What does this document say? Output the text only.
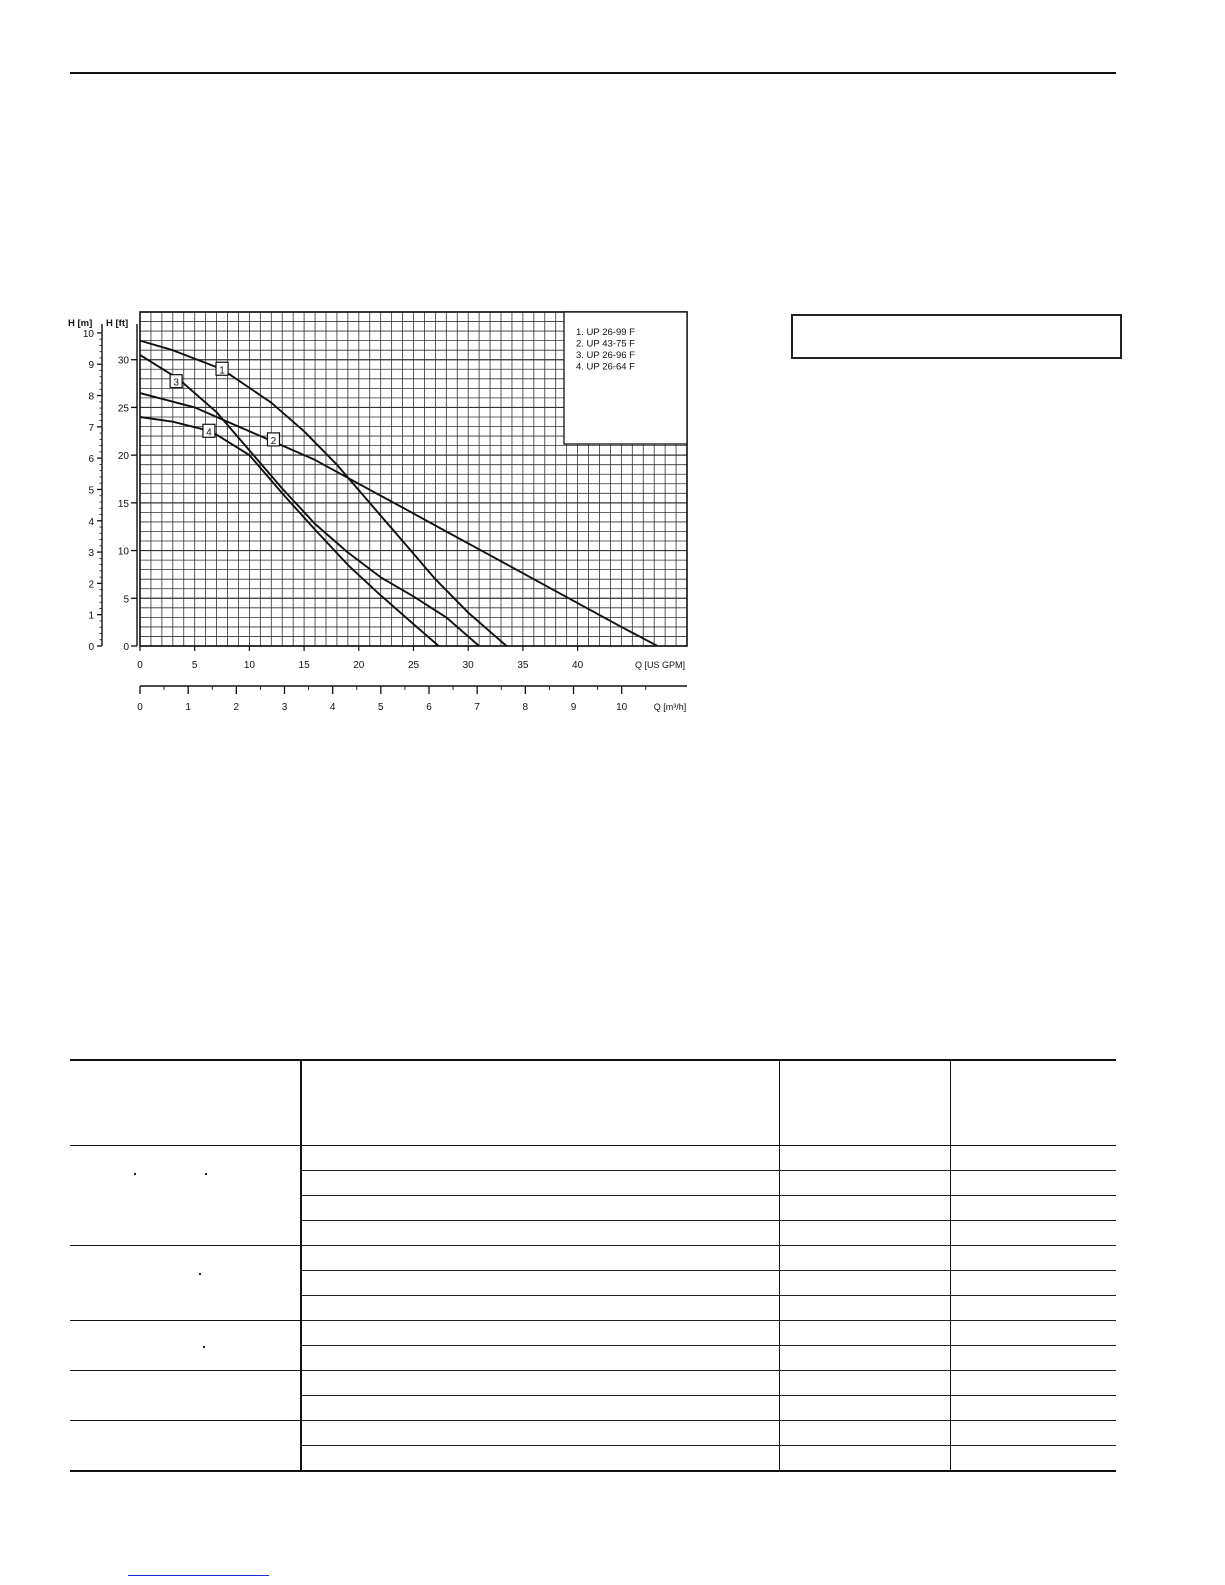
1. UP 26-99 F
2. UP 43-75 F
3. UP 26-96 F
4. UP 26-64 F
1
2
3
4
0
1
2
3
4
5
6
7
8
9
10
H [m]
0
5
10
15
20
25
30
H [ft]
0	5	10	15	20	25	30	35	40	Q [US GPM]
0	1	2	3	4	5	6	7	8	9	10	Q [m³/h]
